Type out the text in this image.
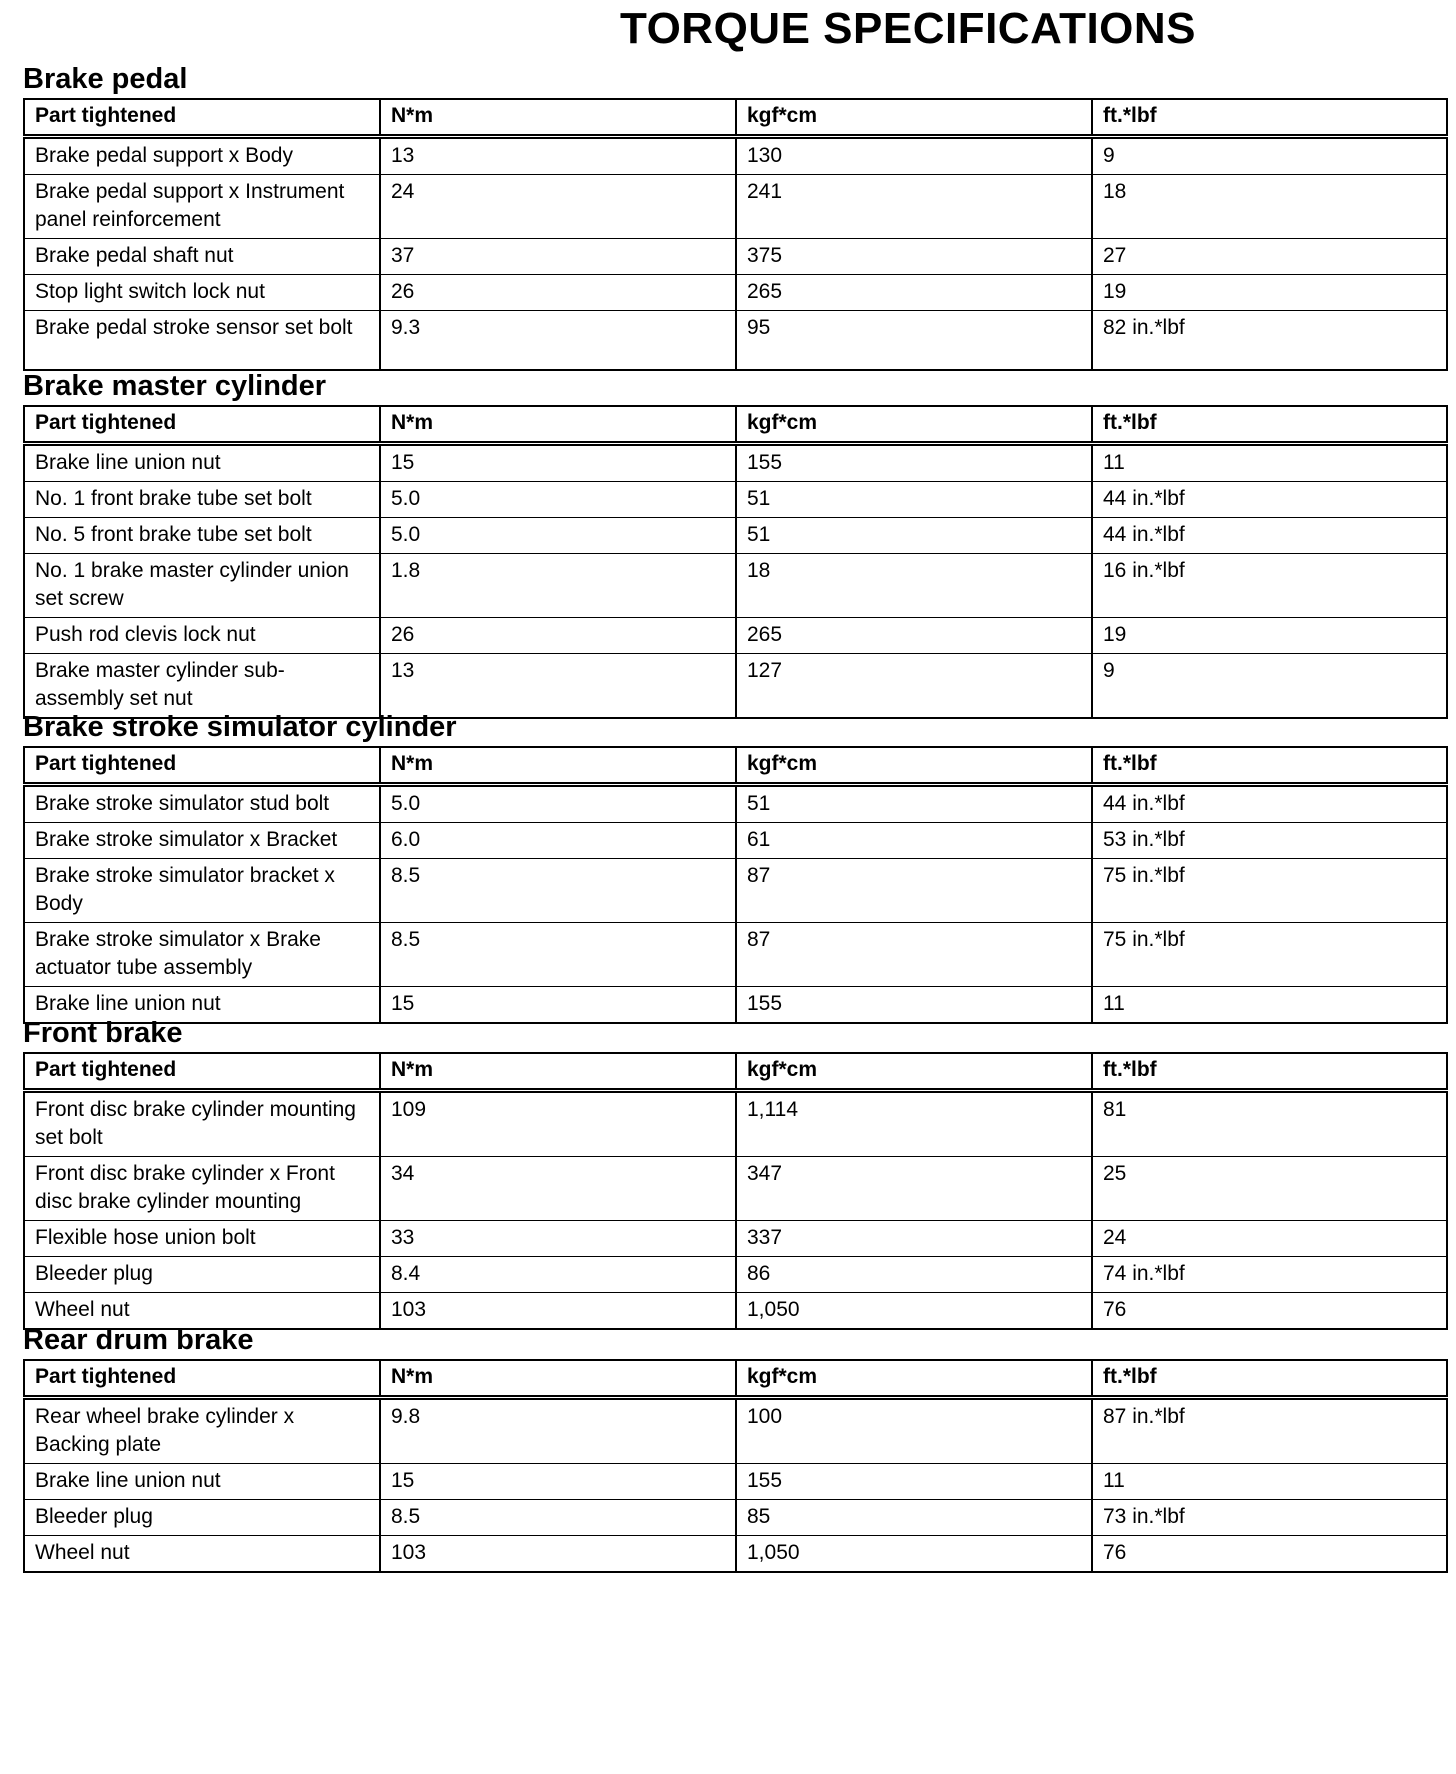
TORQUE SPECIFICATIONS
Brake pedal
Part tightened	N*m	kgf*cm	ft.*lbf
Brake pedal support x Body	13	130	9
Brake pedal support x Instrument panel reinforcement	24	241	18
Brake pedal shaft nut	37	375	27
Stop light switch lock nut	26	265	19
Brake pedal stroke sensor set bolt	9.3	95	82 in.*lbf
Brake master cylinder
Part tightened	N*m	kgf*cm	ft.*lbf
Brake line union nut	15	155	11
No. 1 front brake tube set bolt	5.0	51	44 in.*lbf
No. 5 front brake tube set bolt	5.0	51	44 in.*lbf
No. 1 brake master cylinder union set screw	1.8	18	16 in.*lbf
Push rod clevis lock nut	26	265	19
Brake master cylinder sub-assembly set nut	13	127	9
Brake stroke simulator cylinder
Part tightened	N*m	kgf*cm	ft.*lbf
Brake stroke simulator stud bolt	5.0	51	44 in.*lbf
Brake stroke simulator x Bracket	6.0	61	53 in.*lbf
Brake stroke simulator bracket x Body	8.5	87	75 in.*lbf
Brake stroke simulator x Brake actuator tube assembly	8.5	87	75 in.*lbf
Brake line union nut	15	155	11
Front brake
Part tightened	N*m	kgf*cm	ft.*lbf
Front disc brake cylinder mounting set bolt	109	1,114	81
Front disc brake cylinder x Front disc brake cylinder mounting	34	347	25
Flexible hose union bolt	33	337	24
Bleeder plug	8.4	86	74 in.*lbf
Wheel nut	103	1,050	76
Rear drum brake
Part tightened	N*m	kgf*cm	ft.*lbf
Rear wheel brake cylinder x Backing plate	9.8	100	87 in.*lbf
Brake line union nut	15	155	11
Bleeder plug	8.5	85	73 in.*lbf
Wheel nut	103	1,050	76
